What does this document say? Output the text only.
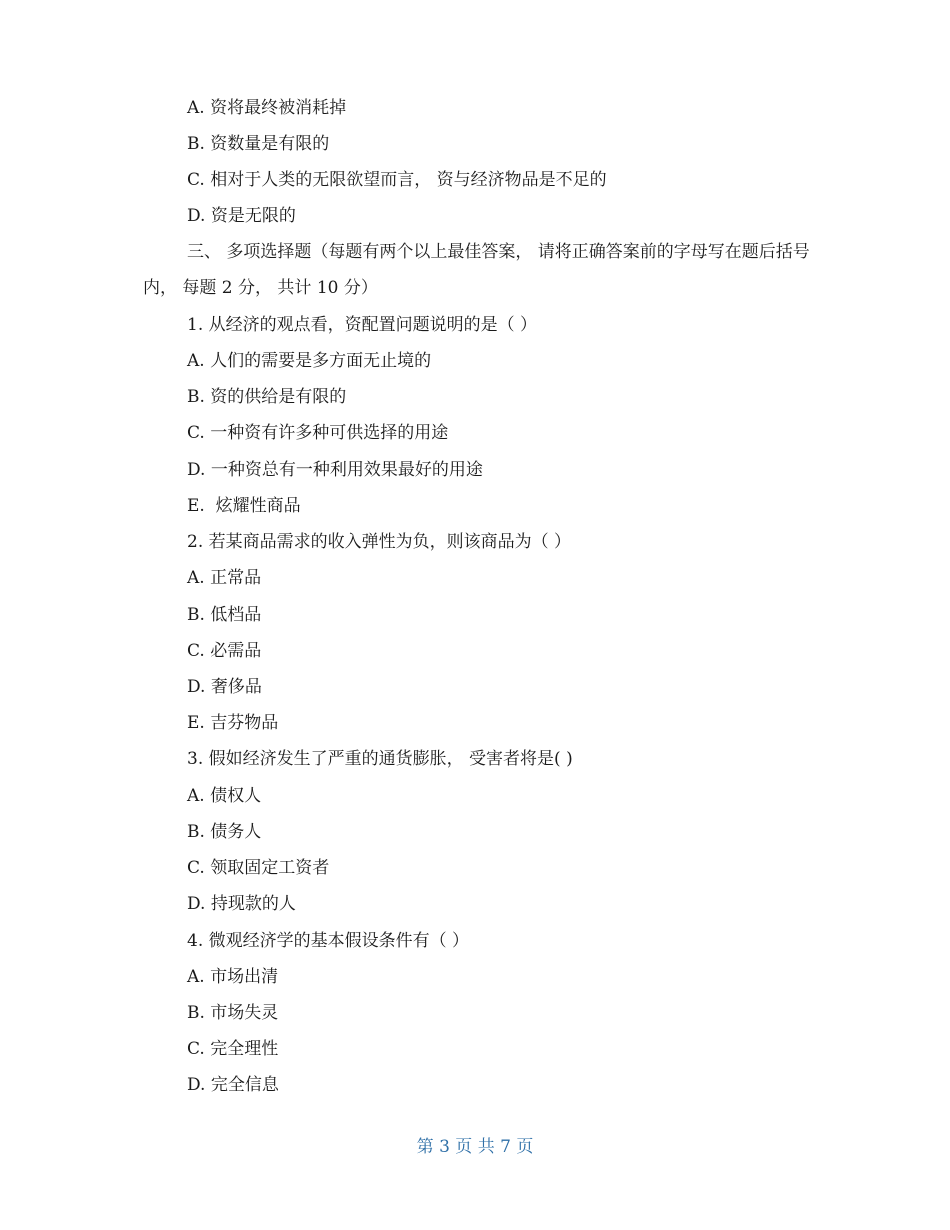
A. 资将最终被消耗掉
B. 资数量是有限的
C. 相对于人类的无限欲望而言， 资与经济物品是不足的
D. 资是无限的
三、 多项选择题（每题有两个以上最佳答案， 请将正确答案前的字母写在题后括号内， 每题 2 分， 共计 10 分）
1. 从经济的观点看，资配置问题说明的是（ ）
A. 人们的需要是多方面无止境的
B. 资的供给是有限的
C. 一种资有许多种可供选择的用途
D. 一种资总有一种利用效果最好的用途
E.  炫耀性商品
2. 若某商品需求的收入弹性为负，则该商品为（ ）
A. 正常品
B. 低档品
C. 必需品
D. 奢侈品
E. 吉芬物品
3. 假如经济发生了严重的通货膨胀， 受害者将是( )
A. 债权人
B. 债务人
C. 领取固定工资者
D. 持现款的人
4. 微观经济学的基本假设条件有（ ）
A. 市场出清
B. 市场失灵
C. 完全理性
D. 完全信息
第 3 页 共 7 页
